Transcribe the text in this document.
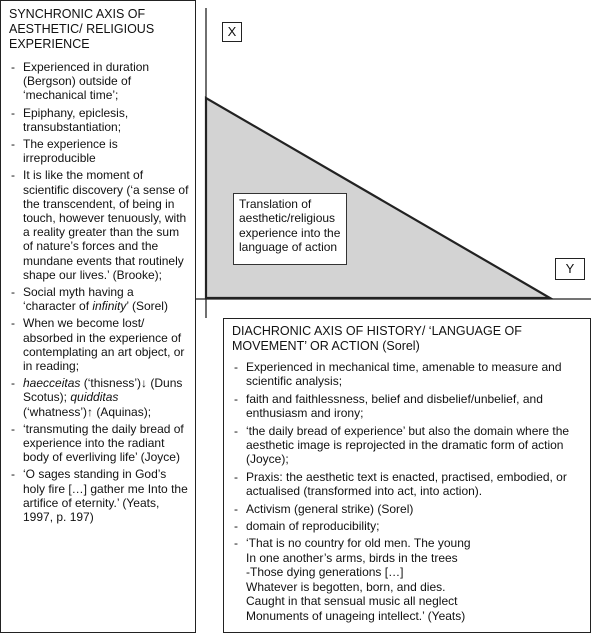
SYNCHRONIC AXIS OF AESTHETIC/ RELIGIOUS EXPERIENCE
- Experienced in duration (Bergson) outside of ‘mechanical time’;
- Epiphany, epiclesis, transubstantiation;
- The experience is irreproducible
- It is like the moment of scientific discovery (‘a sense of the transcendent, of being in touch, however tenuously, with a reality greater than the sum of nature’s forces and the mundane events that routinely shape our lives.’ (Brooke);
- Social myth having a ‘character of infinity’ (Sorel)
- When we become lost/ absorbed in the experience of contemplating an art object, or in reading;
- haecceitas (‘thisness’)↓ (Duns Scotus); quidditas (‘whatness’)↑ (Aquinas);
- ‘transmuting the daily bread of experience into the radiant body of everliving life’ (Joyce)
- ‘O sages standing in God’s holy fire […] gather me Into the artifice of eternity.’ (Yeats, 1997, p. 197)
X
Y
Translation of aesthetic/religious experience into the language of action
DIACHRONIC AXIS OF HISTORY/ ‘LANGUAGE OF MOVEMENT’ OR ACTION (Sorel)
- Experienced in mechanical time, amenable to measure and scientific analysis;
- faith and faithlessness, belief and disbelief/unbelief, and enthusiasm and irony;
- ‘the daily bread of experience’ but also the domain where the aesthetic image is reprojected in the dramatic form of action (Joyce);
- Praxis: the aesthetic text is enacted, practised, embodied, or actualised (transformed into act, into action).
- Activism (general strike) (Sorel)
- domain of reproducibility;
- ‘That is no country for old men. The young
In one another’s arms, birds in the trees
-Those dying generations […]
Whatever is begotten, born, and dies.
Caught in that sensual music all neglect
Monuments of unageing intellect.’ (Yeats)
